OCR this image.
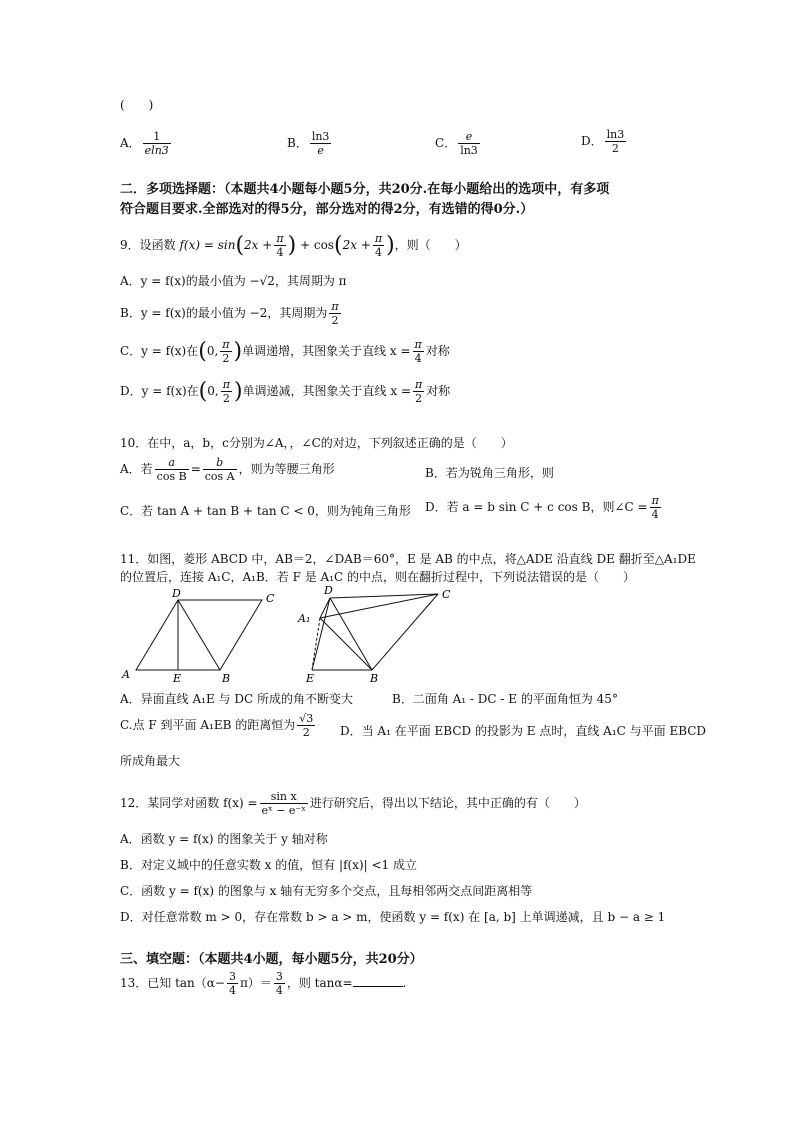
(　　)
A． $\frac{1}{eln3}$	B． $\frac{\ln 3}{e}$	C． $\frac{e}{\ln 3}$	D． $\frac{\ln 3}{2}$
二．多项选择题：（本题共4小题每小题5分，共20分.在每小题给出的选项中，有多项
符合题目要求.全部选对的得5分，部分选对的得2分，有选错的得0分.）
9．设函数 $f(x) = \sin(2x + \frac{\pi}{4}$ ) + $\cos(2x + \frac{\pi}{4}$ )，则（　　）
A．y = f(x)的最小值为 −√2，其周期为 π
B．y = f(x)的最小值为 −2，其周期为 $\frac{\pi}{2}$
C．y = f(x)在(0, $\frac{\pi}{2}$ )单调递增，其图象关于直线 $x = \frac{\pi}{4}$ 对称
D．y = f(x)在(0, $\frac{\pi}{2}$ )单调递减，其图象关于直线 $x = \frac{\pi}{2}$ 对称
10．在中，a，b，c分别为∠A，，∠C的对边，下列叙述正确的是（　　）
A．若 $\frac{a}{\text{cos B}} = \frac{b}{\text{cos A}}$ ，则为等腰三角形	B．若为锐角三角形，则
C．若 tan A + tan B + tan C < 0，则为钝角三角形 D．若 a = b sin C + c cos B，则∠C = $\frac{\pi}{4}$
11．如图，菱形 ABCD 中，AB＝2，∠DAB＝60°，E 是 AB 的中点，将△ADE 沿直线 DE 翻折至△A₁DE
的位置后，连接 A₁C，A₁B．若 F 是 A₁C 的中点，则在翻折过程中，下列说法错误的是（　　）
A	E	B
C
D
A₁
D	C
E	B
A．异面直线 A₁E 与 DC 所成的角不断变大	B．二面角 A₁ - DC - E 的平面角恒为 45°
C.点 F 到平面 A₁EB 的距离恒为 $\frac{√3}{2}$ D．当 A₁ 在平面 EBCD 的投影为 E 点时，直线 A₁C 与平面 EBCD
所成角最大
12．某同学对函数 $f(x) = \frac{\text{sin x}}{\text{eˣ − e⁻ˣ}}$ 进行研究后，得出以下结论，其中正确的有（　　）
A．函数 y = f(x) 的图象关于 y 轴对称
B．对定义域中的任意实数 x 的值，恒有 |f(x)| <1 成立
C．函数 y = f(x) 的图象与 x 轴有无穷多个交点，且每相邻两交点间距离相等
D．对任意常数 m > 0，存在常数 b > a > m，使函数 y = f(x) 在 [a, b] 上单调递减，且 b − a ≥ 1
三、填空题：（本题共4小题，每小题5分，共20分）
13．已知 $\tan(\alpha- \frac{3}{4} \pi)= \frac{3}{4}$ ，则 tanα=	.
